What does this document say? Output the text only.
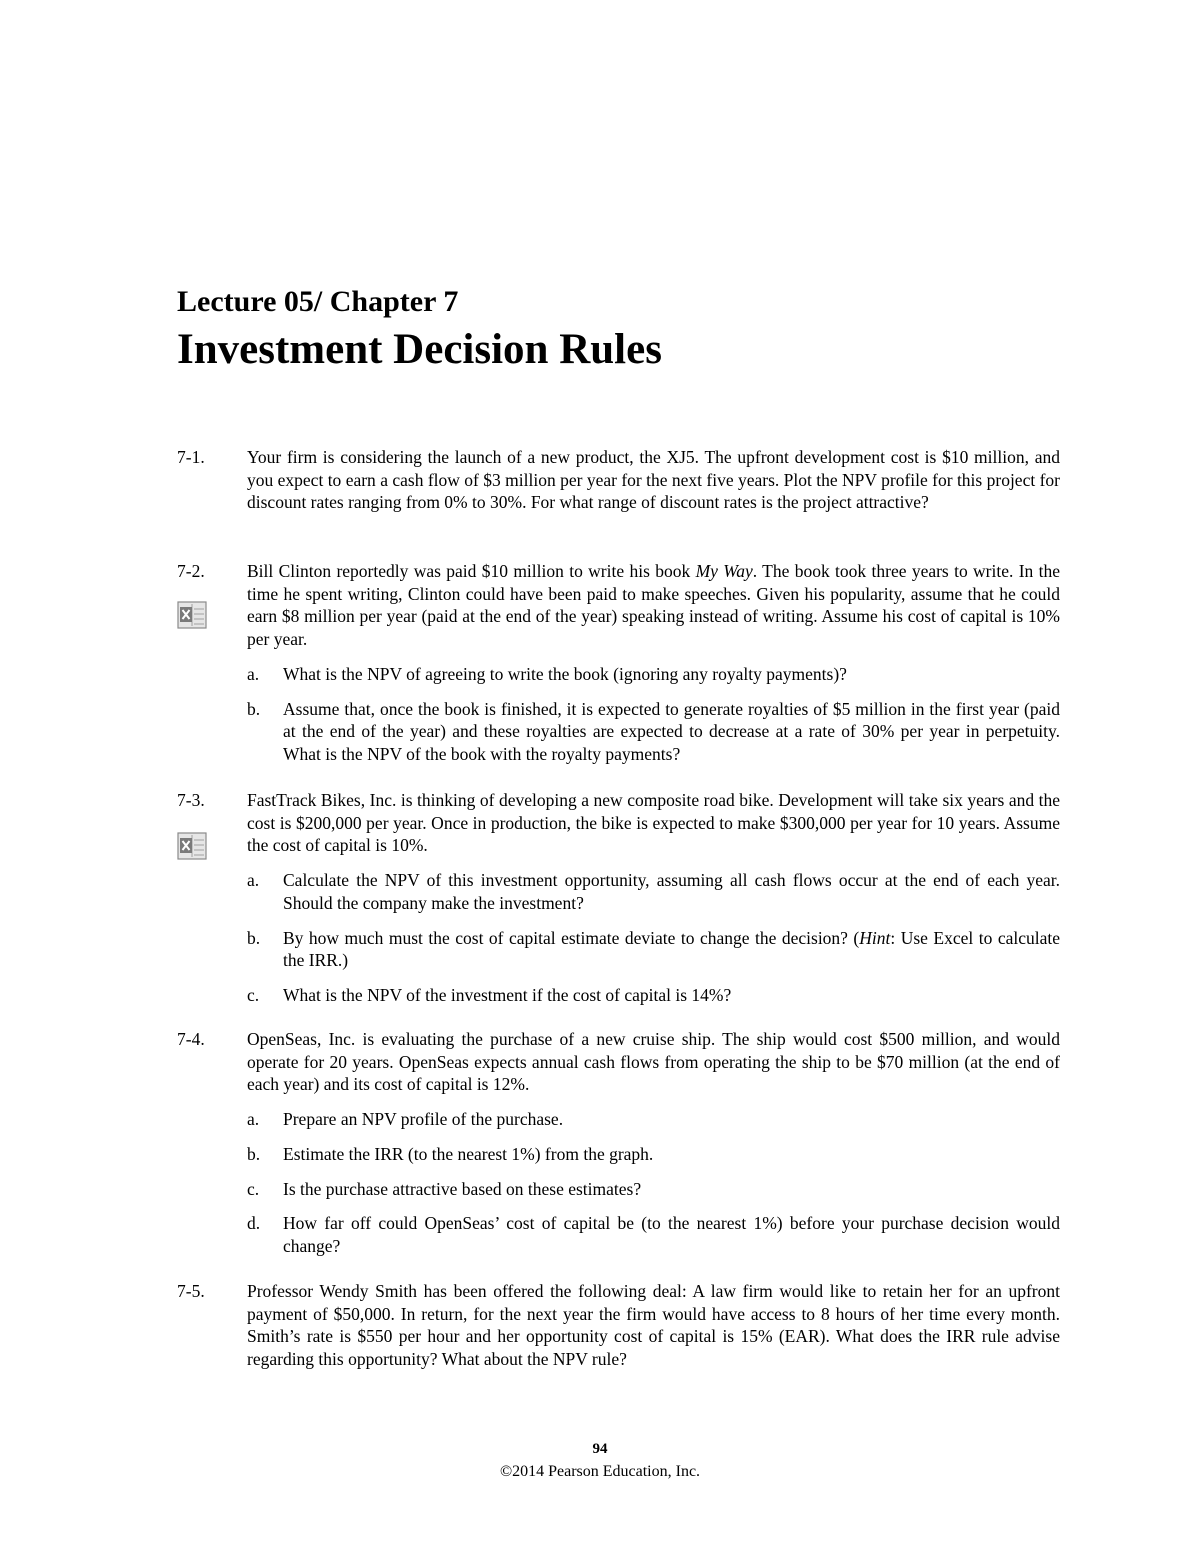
Lecture 05/ Chapter 7
Investment Decision Rules
7-1. Your firm is considering the launch of a new product, the XJ5. The upfront development cost is $10 million, and you expect to earn a cash flow of $3 million per year for the next five years. Plot the NPV profile for this project for discount rates ranging from 0% to 30%. For what range of discount rates is the project attractive?
7-2. Bill Clinton reportedly was paid $10 million to write his book My Way. The book took three years to write. In the time he spent writing, Clinton could have been paid to make speeches. Given his popularity, assume that he could earn $8 million per year (paid at the end of the year) speaking instead of writing. Assume his cost of capital is 10% per year.
a. What is the NPV of agreeing to write the book (ignoring any royalty payments)?
b. Assume that, once the book is finished, it is expected to generate royalties of $5 million in the first year (paid at the end of the year) and these royalties are expected to decrease at a rate of 30% per year in perpetuity. What is the NPV of the book with the royalty payments?
7-3. FastTrack Bikes, Inc. is thinking of developing a new composite road bike. Development will take six years and the cost is $200,000 per year. Once in production, the bike is expected to make $300,000 per year for 10 years. Assume the cost of capital is 10%.
a. Calculate the NPV of this investment opportunity, assuming all cash flows occur at the end of each year. Should the company make the investment?
b. By how much must the cost of capital estimate deviate to change the decision? (Hint: Use Excel to calculate the IRR.)
c. What is the NPV of the investment if the cost of capital is 14%?
7-4. OpenSeas, Inc. is evaluating the purchase of a new cruise ship. The ship would cost $500 million, and would operate for 20 years. OpenSeas expects annual cash flows from operating the ship to be $70 million (at the end of each year) and its cost of capital is 12%.
a. Prepare an NPV profile of the purchase.
b. Estimate the IRR (to the nearest 1%) from the graph.
c. Is the purchase attractive based on these estimates?
d. How far off could OpenSeas’ cost of capital be (to the nearest 1%) before your purchase decision would change?
7-5. Professor Wendy Smith has been offered the following deal: A law firm would like to retain her for an upfront payment of $50,000. In return, for the next year the firm would have access to 8 hours of her time every month. Smith’s rate is $550 per hour and her opportunity cost of capital is 15% (EAR). What does the IRR rule advise regarding this opportunity? What about the NPV rule?
94
©2014 Pearson Education, Inc.
